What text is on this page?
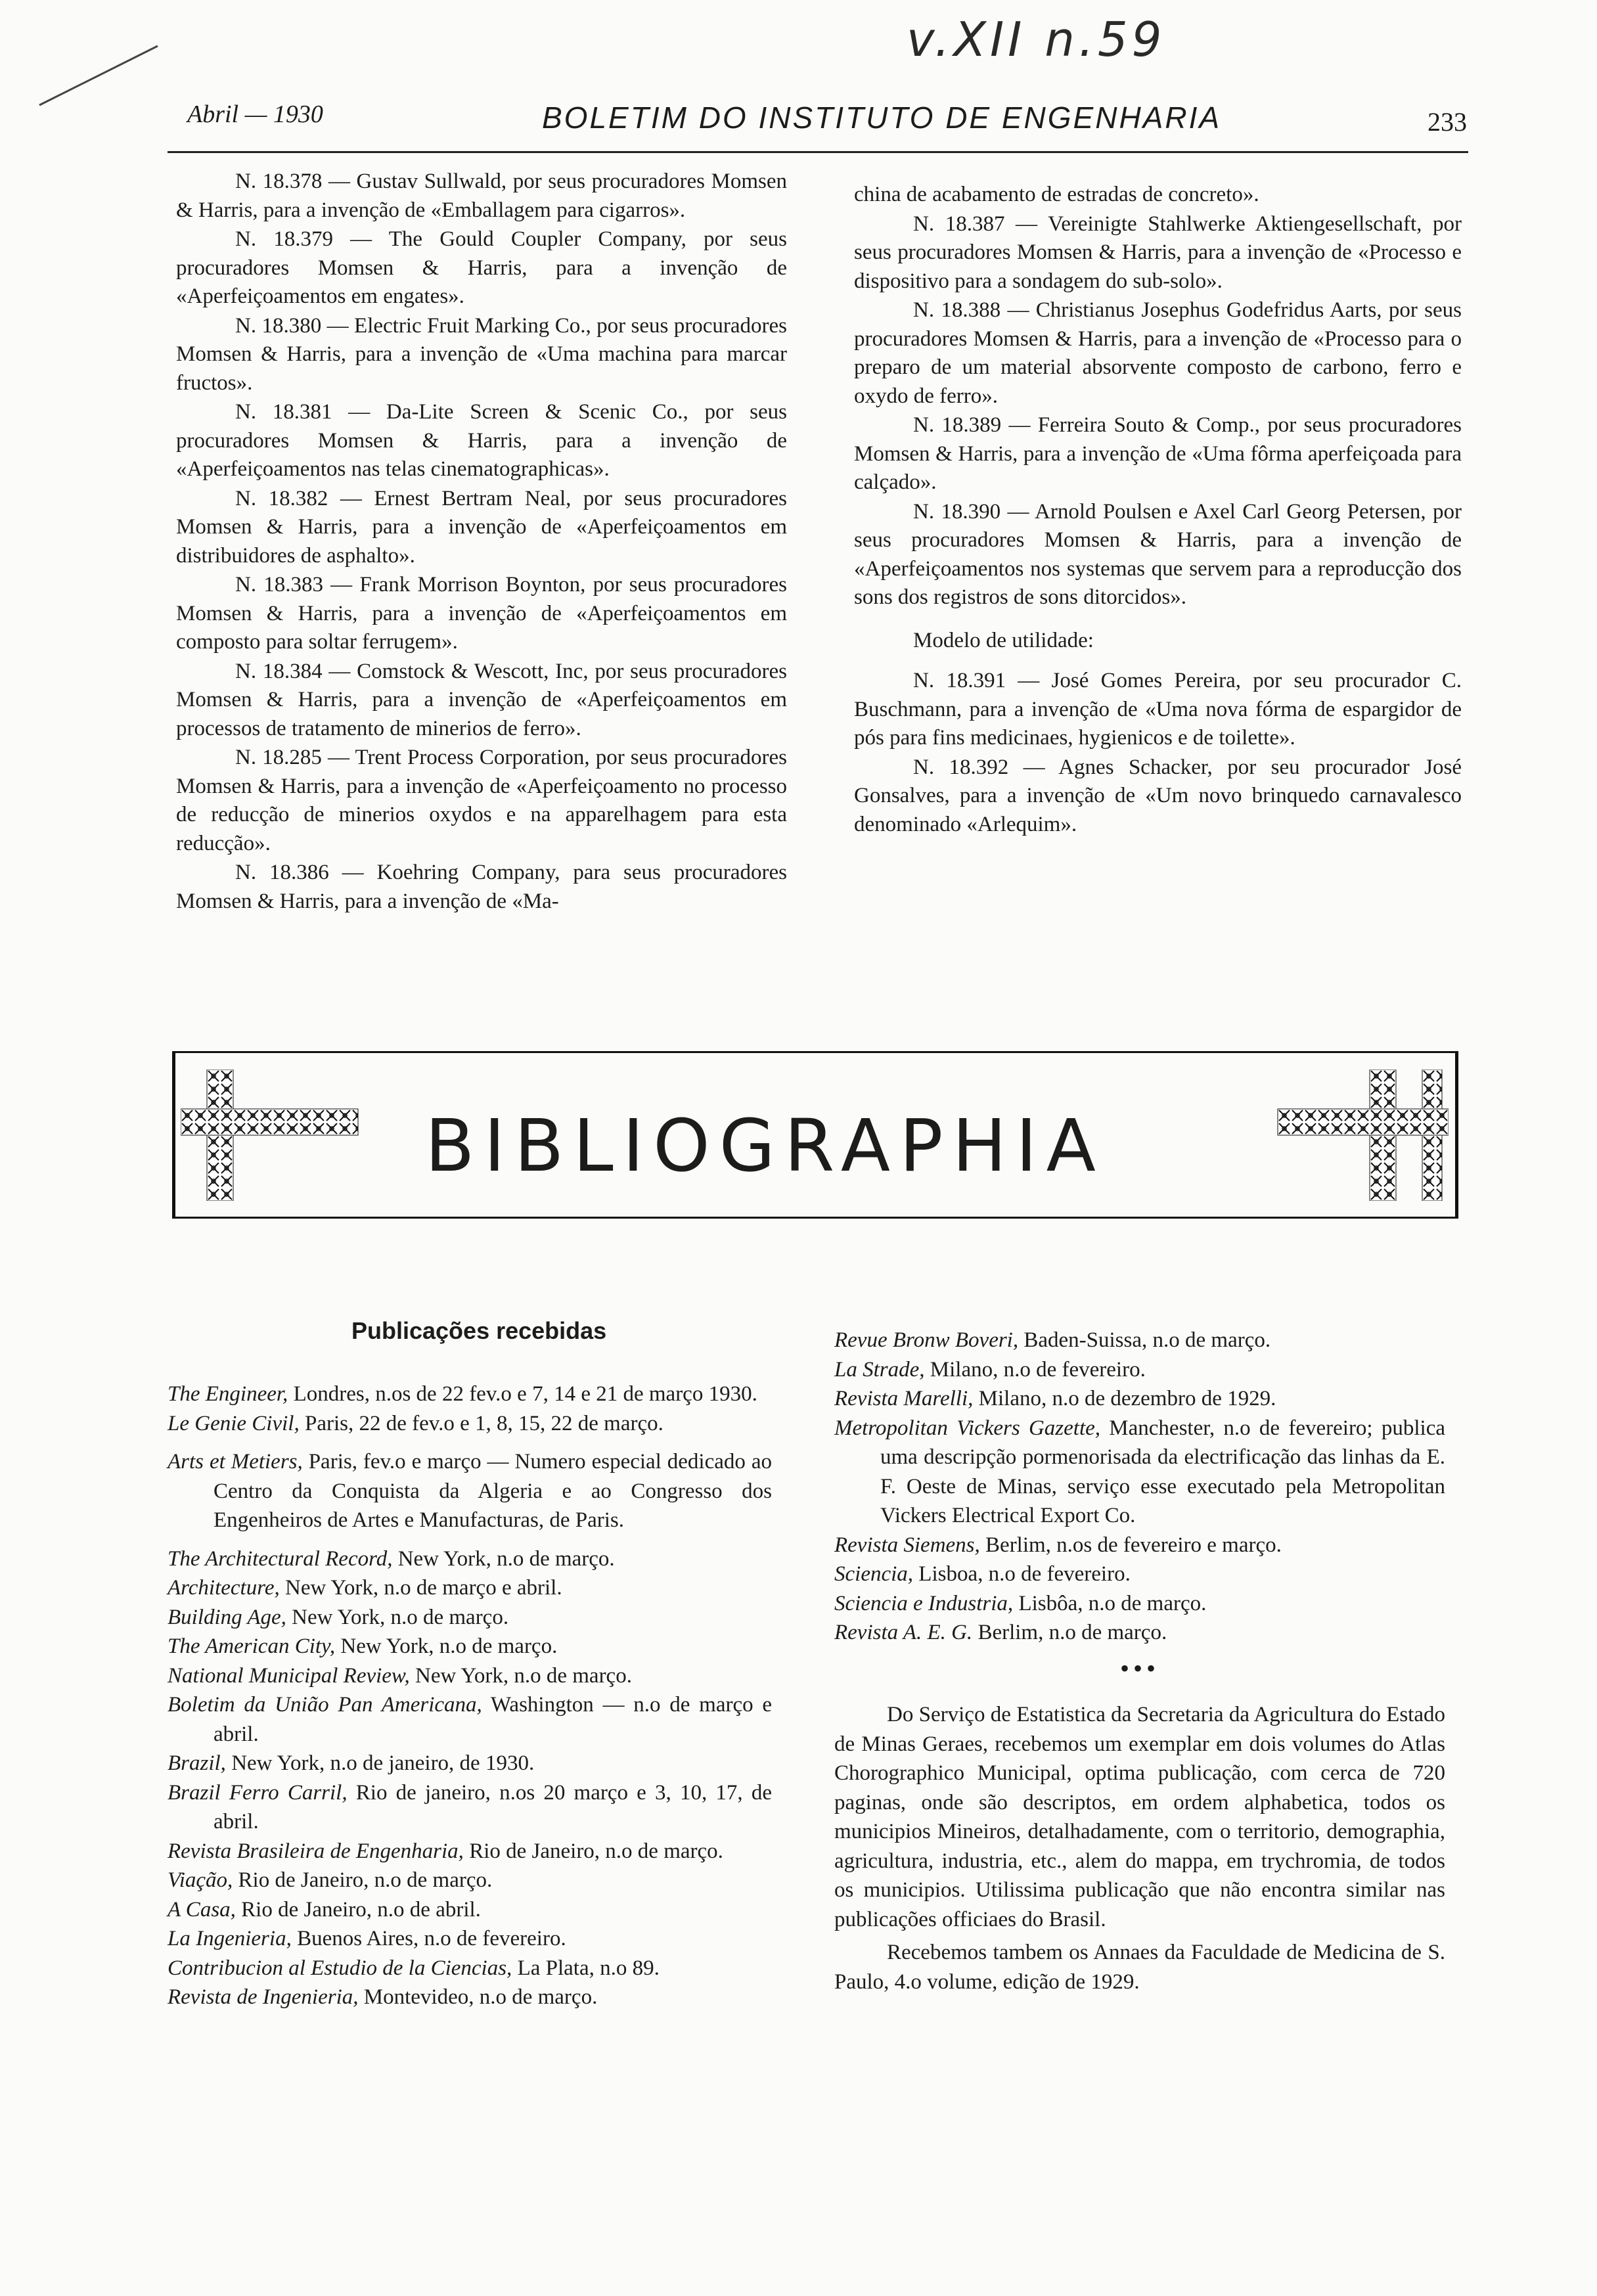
v.XII n.59
Abril — 1930	BOLETIM DO INSTITUTO DE ENGENHARIA	233

N. 18.378 — Gustav Sullwald, por seus procuradores Momsen & Harris, para a invenção de «Emballagem para cigarros».

N. 18.379 — The Gould Coupler Company, por seus procuradores Momsen & Harris, para a invenção de «Aperfeiçoamentos em engates».

N. 18.380 — Electric Fruit Marking Co., por seus procuradores Momsen & Harris, para a invenção de «Uma machina para marcar fructos».

N. 18.381 — Da-Lite Screen & Scenic Co., por seus procuradores Momsen & Harris, para a invenção de «Aperfeiçoamentos nas telas cinematographicas».

N. 18.382 — Ernest Bertram Neal, por seus procuradores Momsen & Harris, para a invenção de «Aperfeiçoamentos em distribuidores de asphalto».

N. 18.383 — Frank Morrison Boynton, por seus procuradores Momsen & Harris, para a invenção de «Aperfeiçoamentos em composto para soltar ferrugem».

N. 18.384 — Comstock & Wescott, Inc, por seus procuradores Momsen & Harris, para a invenção de «Aperfeiçoamentos em processos de tratamento de minerios de ferro».

N. 18.285 — Trent Process Corporation, por seus procuradores Momsen & Harris, para a invenção de «Aperfeiçoamento no processo de reducção de minerios oxydos e na apparelhagem para esta reducção».

N. 18.386 — Koehring Company, para seus procuradores Momsen & Harris, para a invenção de «Ma-

china de acabamento de estradas de concreto».

N. 18.387 — Vereinigte Stahlwerke Aktiengesellschaft, por seus procuradores Momsen & Harris, para a invenção de «Processo e dispositivo para a sondagem do sub-solo».

N. 18.388 — Christianus Josephus Godefridus Aarts, por seus procuradores Momsen & Harris, para a invenção de «Processo para o preparo de um material absorvente composto de carbono, ferro e oxydo de ferro».

N. 18.389 — Ferreira Souto & Comp., por seus procuradores Momsen & Harris, para a invenção de «Uma fôrma aperfeiçoada para calçado».

N. 18.390 — Arnold Poulsen e Axel Carl Georg Petersen, por seus procuradores Momsen & Harris, para a invenção de «Aperfeiçoamentos nos systemas que servem para a reproducção dos sons dos registros de sons ditorcidos».

Modelo de utilidade:

N. 18.391 — José Gomes Pereira, por seu procurador C. Buschmann, para a invenção de «Uma nova fórma de espargidor de pós para fins medicinaes, hygienicos e de toilette».

N. 18.392 — Agnes Schacker, por seu procurador José Gonsalves, para a invenção de «Um novo brinquedo carnavalesco denominado «Arlequim».

BIBLIOGRAPHIA
Publicações recebidas

The Engineer, Londres, n.os de 22 fev.o e 7, 14 e 21 de março 1930.

Le Genie Civil, Paris, 22 de fev.o e 1, 8, 15, 22 de março.

Arts et Metiers, Paris, fev.o e março — Numero especial dedicado ao Centro da Conquista da Algeria e ao Congresso dos Engenheiros de Artes e Manufacturas, de Paris.

The Architectural Record, New York, n.o de março.

Architecture, New York, n.o de março e abril.

Building Age, New York, n.o de março.

The American City, New York, n.o de março.

National Municipal Review, New York, n.o de março.

Boletim da União Pan Americana, Washington — n.o de março e abril.

Brazil, New York, n.o de janeiro, de 1930.

Brazil Ferro Carril, Rio de janeiro, n.os 20 março e 3, 10, 17, de abril.

Revista Brasileira de Engenharia, Rio de Janeiro, n.o de março.

Viação, Rio de Janeiro, n.o de março.

A Casa, Rio de Janeiro, n.o de abril.

La Ingenieria, Buenos Aires, n.o de fevereiro.

Contribucion al Estudio de la Ciencias, La Plata, n.o 89.

Revista de Ingenieria, Montevideo, n.o de março.

Revue Bronw Boveri, Baden-Suissa, n.o de março.

La Strade, Milano, n.o de fevereiro.

Revista Marelli, Milano, n.o de dezembro de 1929.

Metropolitan Vickers Gazette, Manchester, n.o de fevereiro; publica uma descripção pormenorisada da electrificação das linhas da E. F. Oeste de Minas, serviço esse executado pela Metropolitan Vickers Electrical Export Co.

Revista Siemens, Berlim, n.os de fevereiro e março.

Sciencia, Lisboa, n.o de fevereiro.

Sciencia e Industria, Lisbôa, n.o de março.

Revista A. E. G. Berlim, n.o de março.

•••

Do Serviço de Estatistica da Secretaria da Agricultura do Estado de Minas Geraes, recebemos um exemplar em dois volumes do Atlas Chorographico Municipal, optima publicação, com cerca de 720 paginas, onde são descriptos, em ordem alphabetica, todos os municipios Mineiros, detalhadamente, com o territorio, demographia, agricultura, industria, etc., alem do mappa, em trychromia, de todos os municipios. Utilissima publicação que não encontra similar nas publicações officiaes do Brasil.

Recebemos tambem os Annaes da Faculdade de Medicina de S. Paulo, 4.o volume, edição de 1929.
